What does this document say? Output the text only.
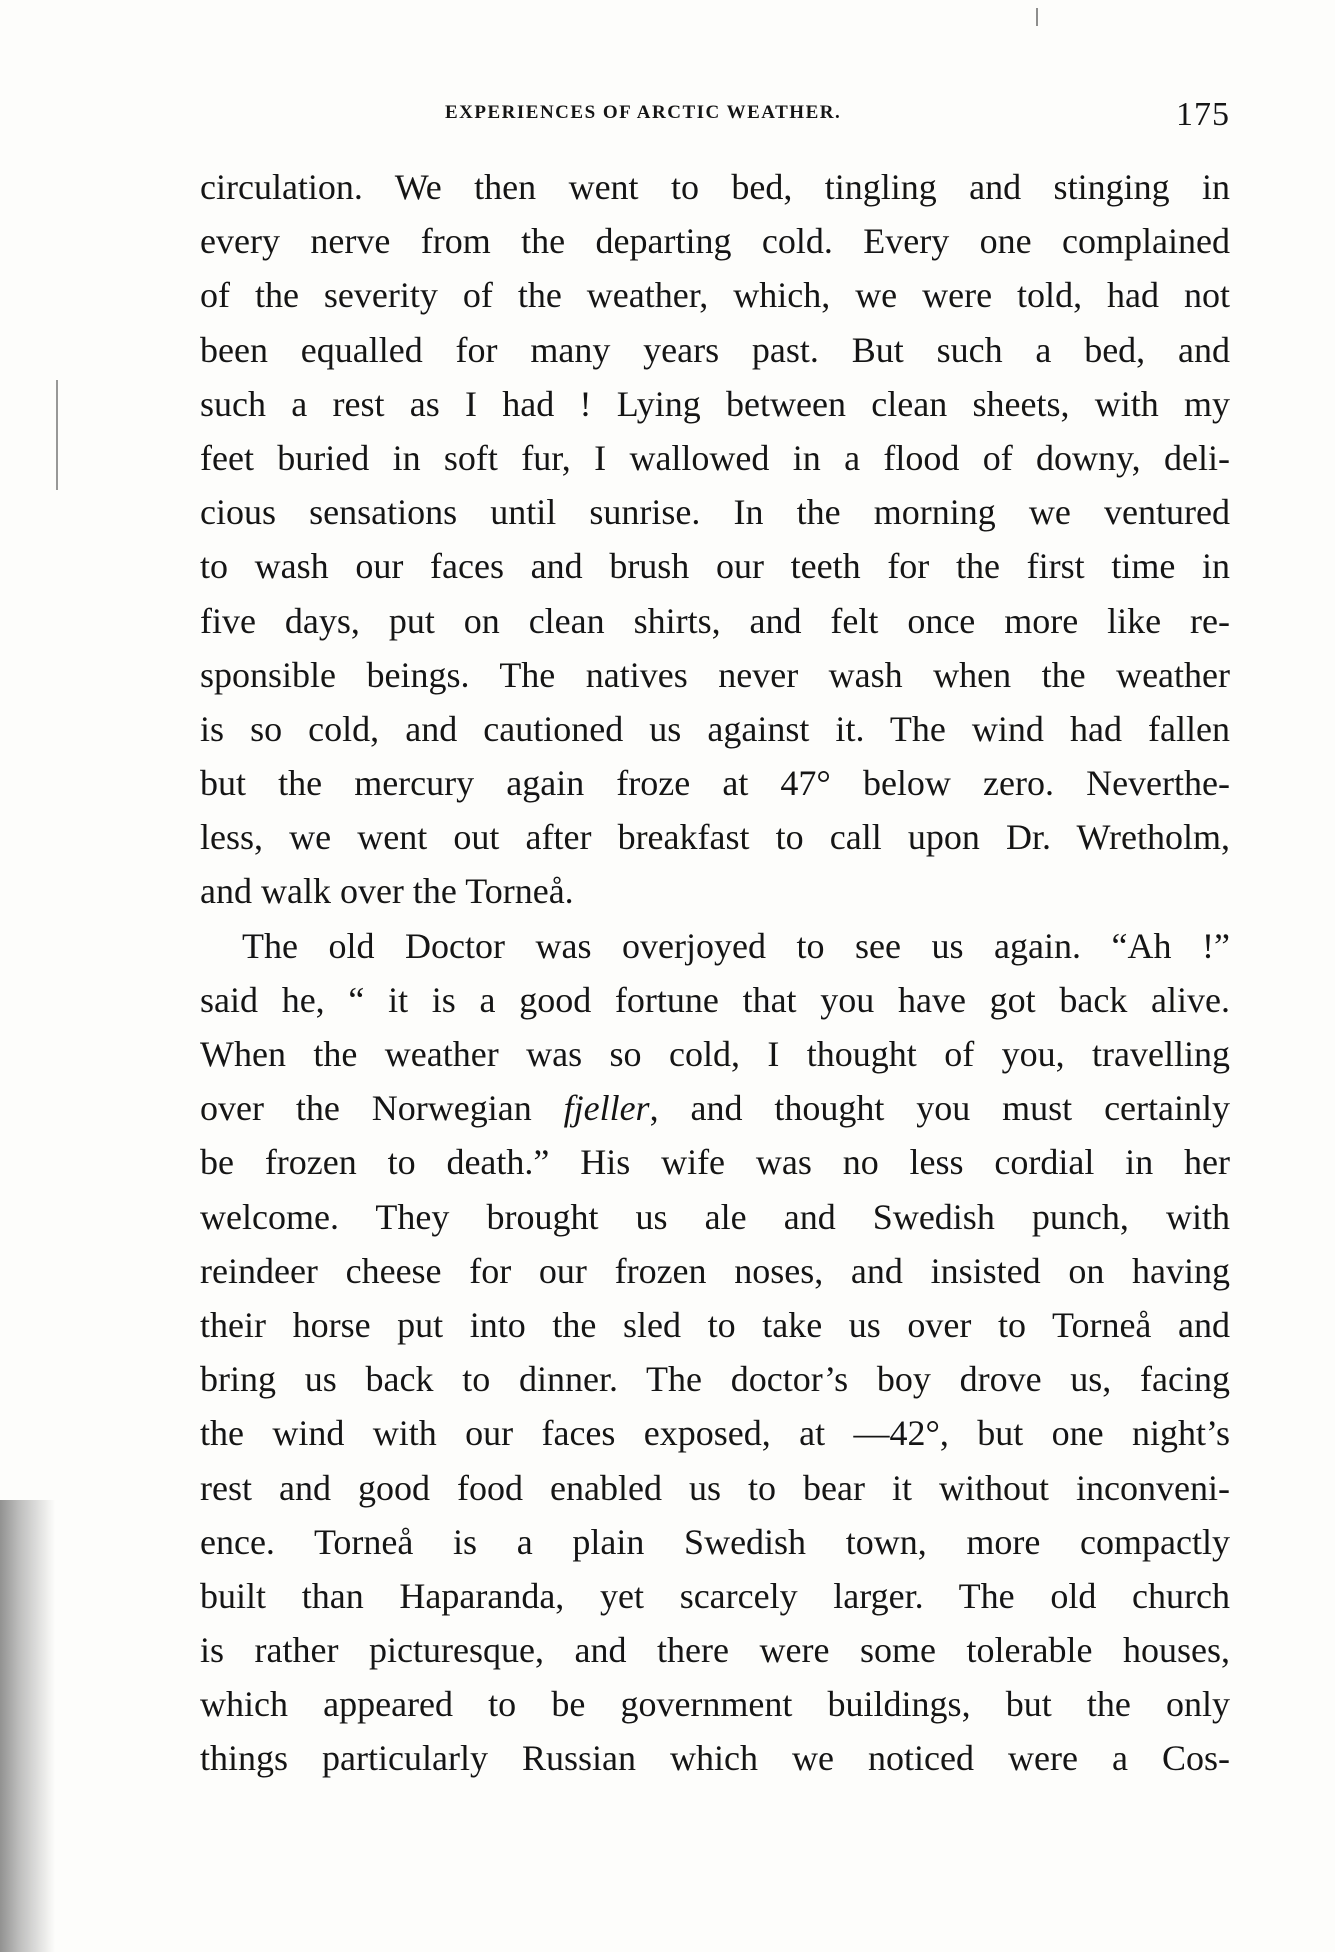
EXPERIENCES OF ARCTIC WEATHER.	175
circulation. We then went to bed, tingling and stinging in
every nerve from the departing cold. Every one complained
of the severity of the weather, which, we were told, had not
been equalled for many years past. But such a bed, and
such a rest as I had ! Lying between clean sheets, with my
feet buried in soft fur, I wallowed in a flood of downy, deli-
cious sensations until sunrise. In the morning we ventured
to wash our faces and brush our teeth for the first time in
five days, put on clean shirts, and felt once more like re-
sponsible beings. The natives never wash when the weather
is so cold, and cautioned us against it. The wind had fallen
but the mercury again froze at 47° below zero. Neverthe-
less, we went out after breakfast to call upon Dr. Wretholm,
and walk over the Torneå.
The old Doctor was overjoyed to see us again. “Ah !”
said he, “ it is a good fortune that you have got back alive.
When the weather was so cold, I thought of you, travelling
over the Norwegian fjeller, and thought you must certainly
be frozen to death.” His wife was no less cordial in her
welcome. They brought us ale and Swedish punch, with
reindeer cheese for our frozen noses, and insisted on having
their horse put into the sled to take us over to Torneå and
bring us back to dinner. The doctor’s boy drove us, facing
the wind with our faces exposed, at —42°, but one night’s
rest and good food enabled us to bear it without inconveni-
ence. Torneå is a plain Swedish town, more compactly
built than Haparanda, yet scarcely larger. The old church
is rather picturesque, and there were some tolerable houses,
which appeared to be government buildings, but the only
things particularly Russian which we noticed were a Cos-
